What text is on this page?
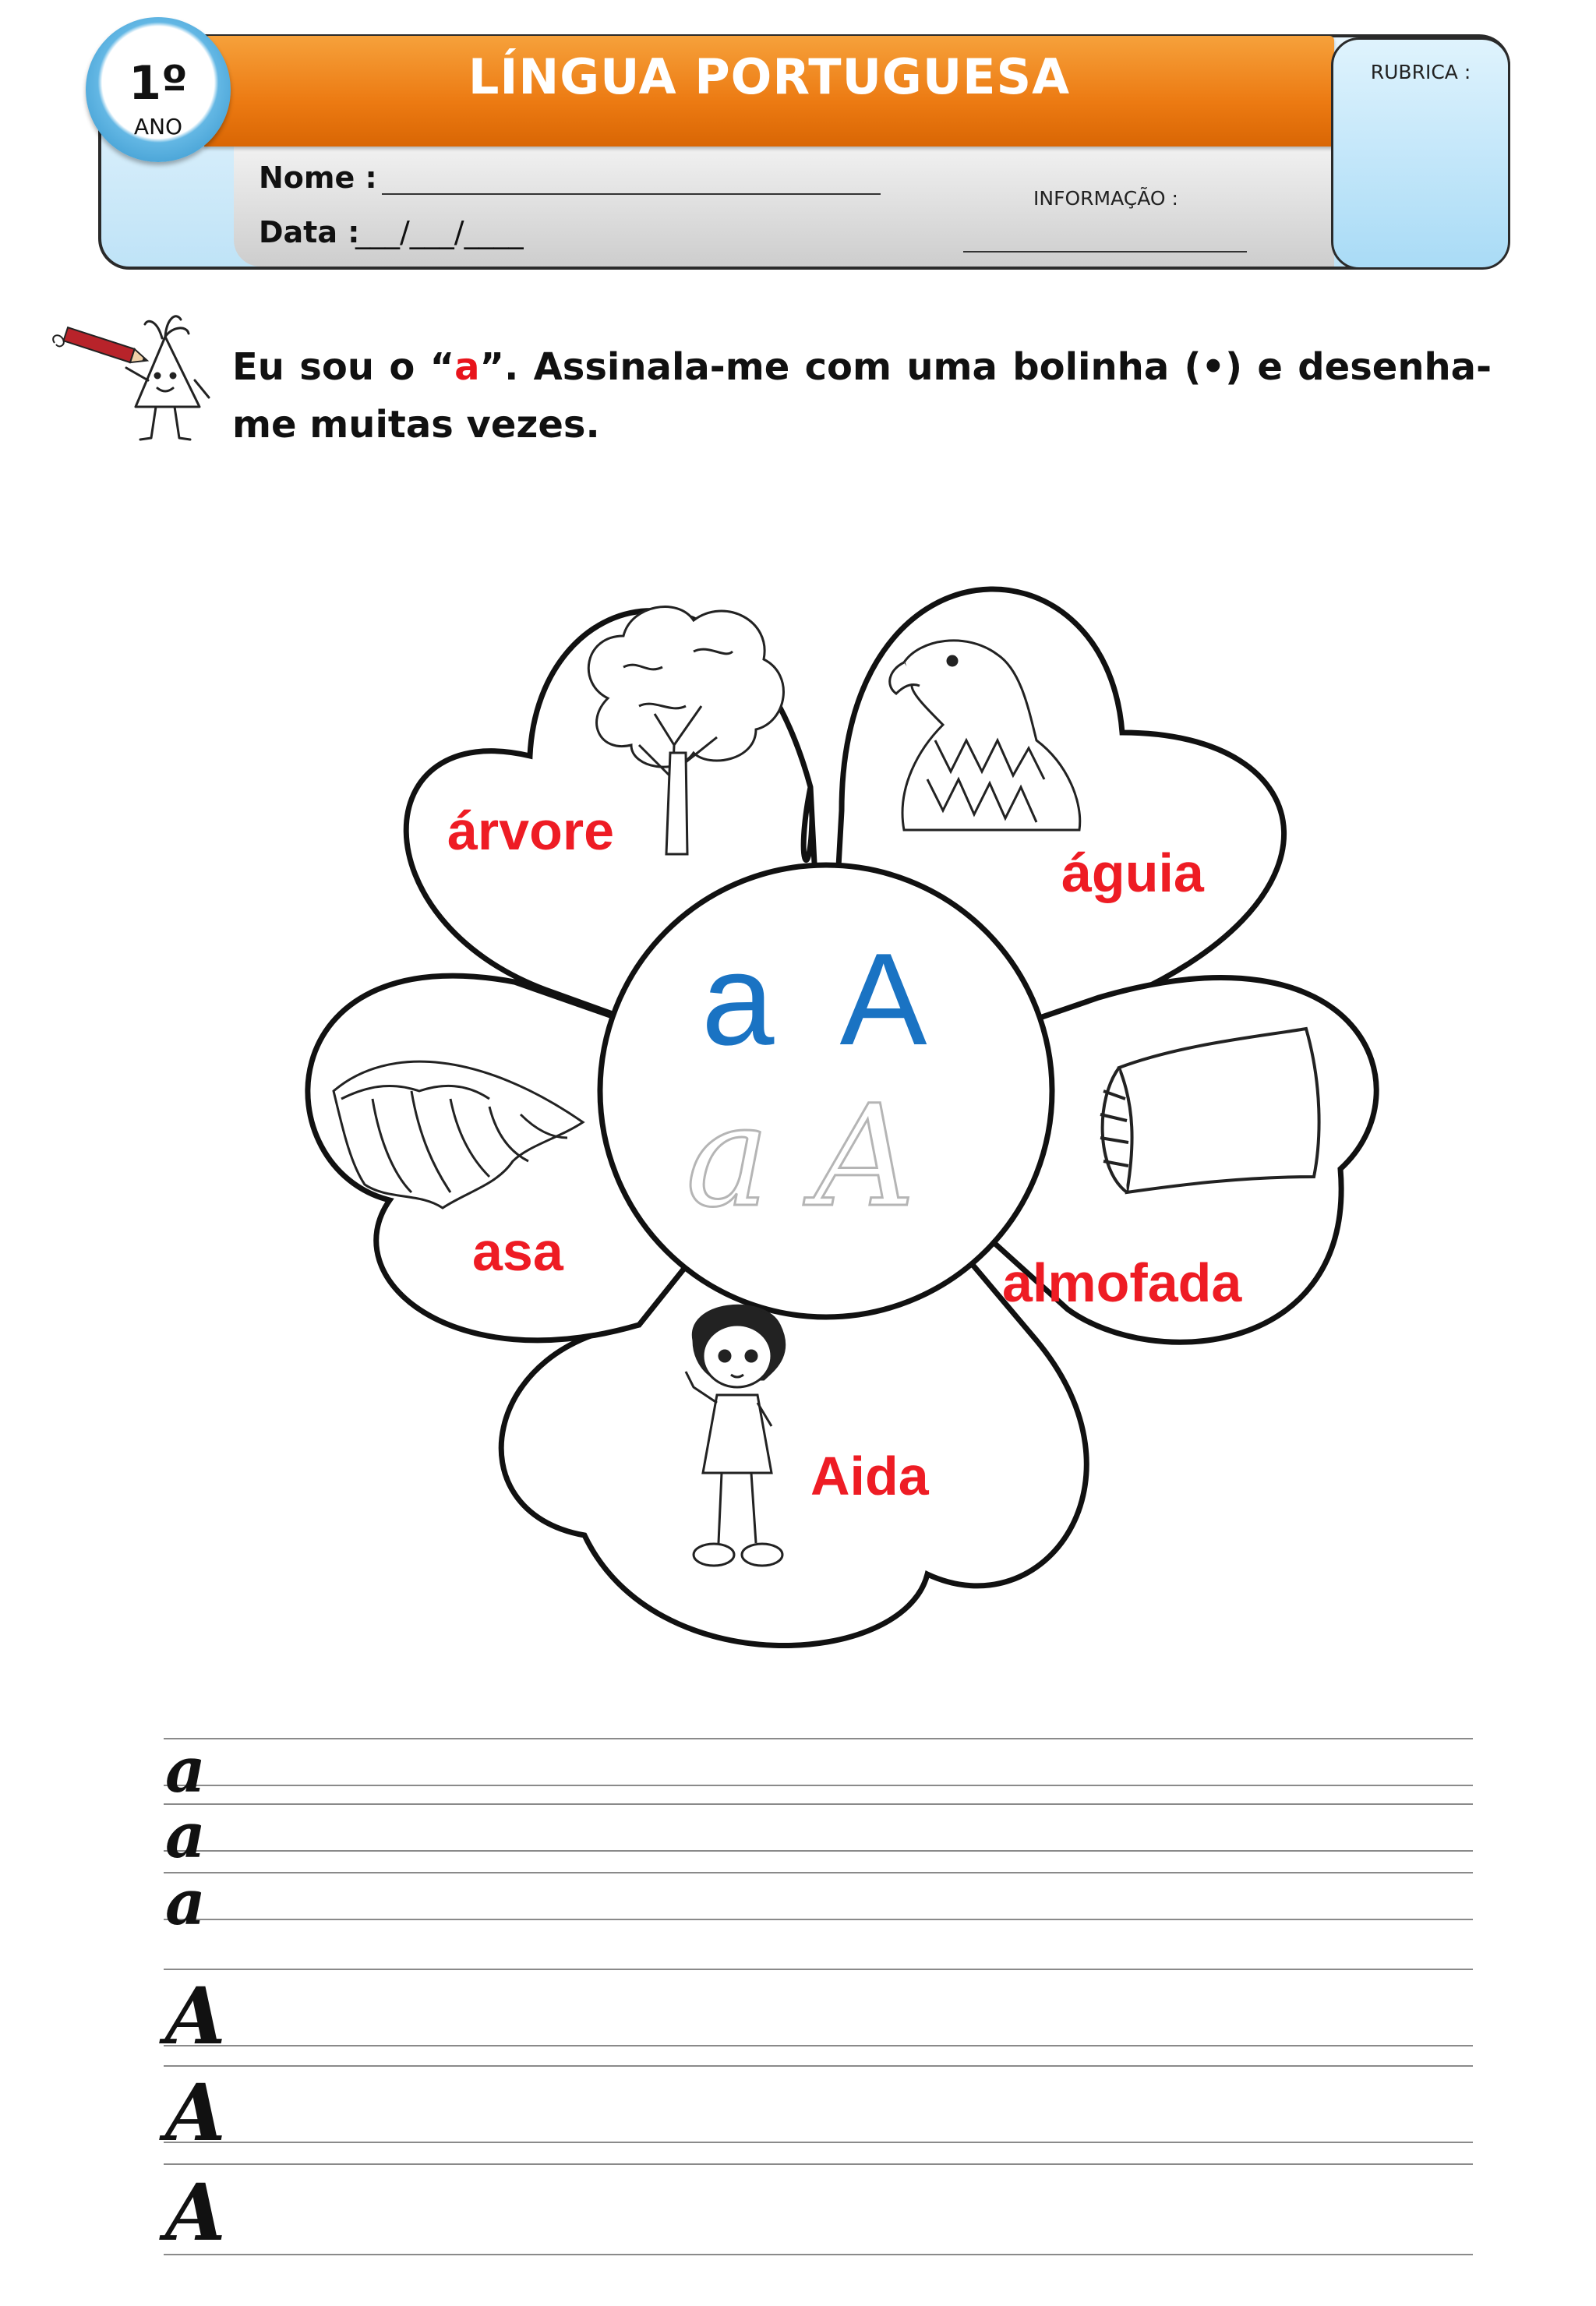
LÍNGUA PORTUGUESA	RUBRICA :
1º
ANO
Nome :
Data :
___/___/____
INFORMAÇÃO :
Eu sou o “a”. Assinala-me com uma bolinha (•) e desenha-me muitas vezes.
árvore
águia
almofada
Aida
asa
a  A
a A
a
a
a
A
A
A
